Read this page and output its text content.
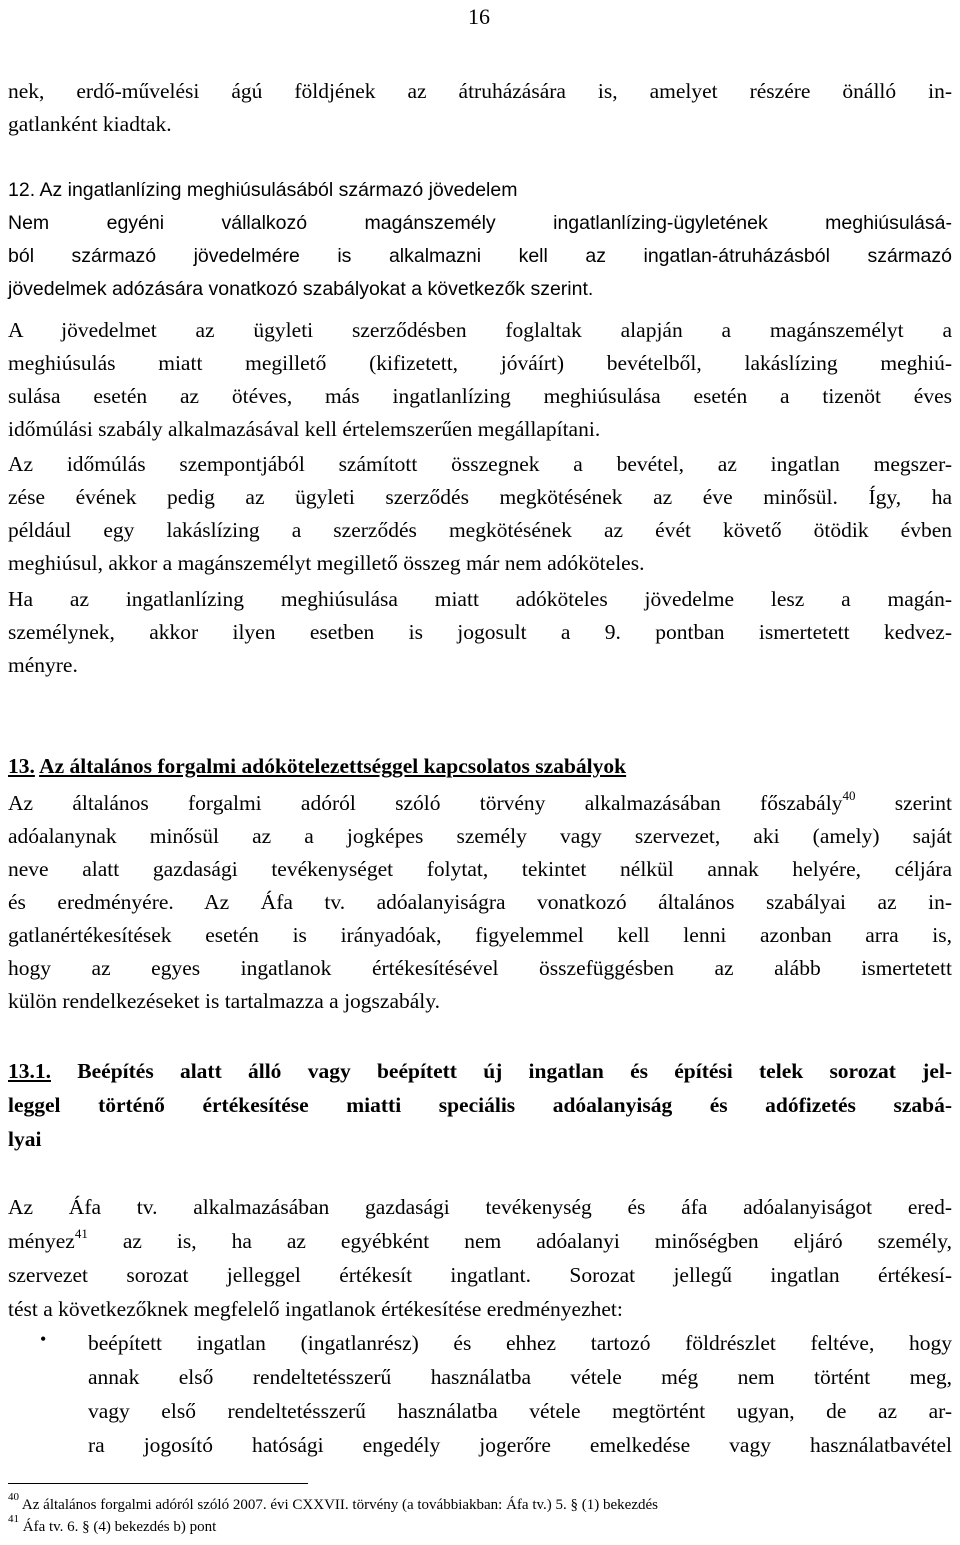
16
nek, erdő-művelési ágú földjének az átruházására is, amelyet részére önálló in-
gatlanként kiadtak.
12. Az ingatlanlízing meghiúsulásából származó jövedelem
Nem egyéni vállalkozó magánszemély ingatlanlízing-ügyletének meghiúsulásá-
ból származó jövedelmére is alkalmazni kell az ingatlan-átruházásból származó
jövedelmek adózására vonatkozó szabályokat a következők szerint.
A jövedelmet az ügyleti szerződésben foglaltak alapján a magánszemélyt a
meghiúsulás miatt megillető (kifizetett, jóváírt) bevételből, lakáslízing meghiú-
sulása esetén az ötéves, más ingatlanlízing meghiúsulása esetén a tizenöt éves
időmúlási szabály alkalmazásával kell értelemszerűen megállapítani.
Az időmúlás szempontjából számított összegnek a bevétel, az ingatlan megszer-
zése évének pedig az ügyleti szerződés megkötésének az éve minősül. Így, ha
például egy lakáslízing a szerződés megkötésének az évét követő ötödik évben
meghiúsul, akkor a magánszemélyt megillető összeg már nem adóköteles.
Ha az ingatlanlízing meghiúsulása miatt adóköteles jövedelme lesz a magán-
személynek, akkor ilyen esetben is jogosult a 9. pontban ismertetett kedvez-
ményre.
13. Az általános forgalmi adókötelezettséggel kapcsolatos szabályok
Az általános forgalmi adóról szóló törvény alkalmazásában főszabály$^{40}$ szerint
adóalanynak minősül az a jogképes személy vagy szervezet, aki (amely) saját
neve alatt gazdasági tevékenységet folytat, tekintet nélkül annak helyére, céljára
és eredményére. Az Áfa tv. adóalanyiságra vonatkozó általános szabályai az in-
gatlanértékesítések esetén is irányadóak, figyelemmel kell lenni azonban arra is,
hogy az egyes ingatlanok értékesítésével összefüggésben az alább ismertetett
külön rendelkezéseket is tartalmazza a jogszabály.
13.1. Beépítés alatt álló vagy beépített új ingatlan és építési telek sorozat jel-
leggel történő értékesítése miatti speciális adóalanyiság és adófizetés szabá-
lyai
Az Áfa tv. alkalmazásában gazdasági tevékenység és áfa adóalanyiságot ered-
ményez$^{41}$ az is, ha az egyébként nem adóalanyi minőségben eljáró személy,
szervezet sorozat jelleggel értékesít ingatlant. Sorozat jellegű ingatlan értékesí-
tést a következőknek megfelelő ingatlanok értékesítése eredményezhet:
• beépített ingatlan (ingatlanrész) és ehhez tartozó földrészlet feltéve, hogy
annak első rendeltetésszerű használatba vétele még nem történt meg,
vagy első rendeltetésszerű használatba vétele megtörtént ugyan, de az ar-
ra jogosító hatósági engedély jogerőre emelkedése vagy használatbavétel
$^{40}$ Az általános forgalmi adóról szóló 2007. évi CXXVII. törvény (a továbbiakban: Áfa tv.) 5. § (1) bekezdés
$^{41}$ Áfa tv. 6. § (4) bekezdés b) pont
